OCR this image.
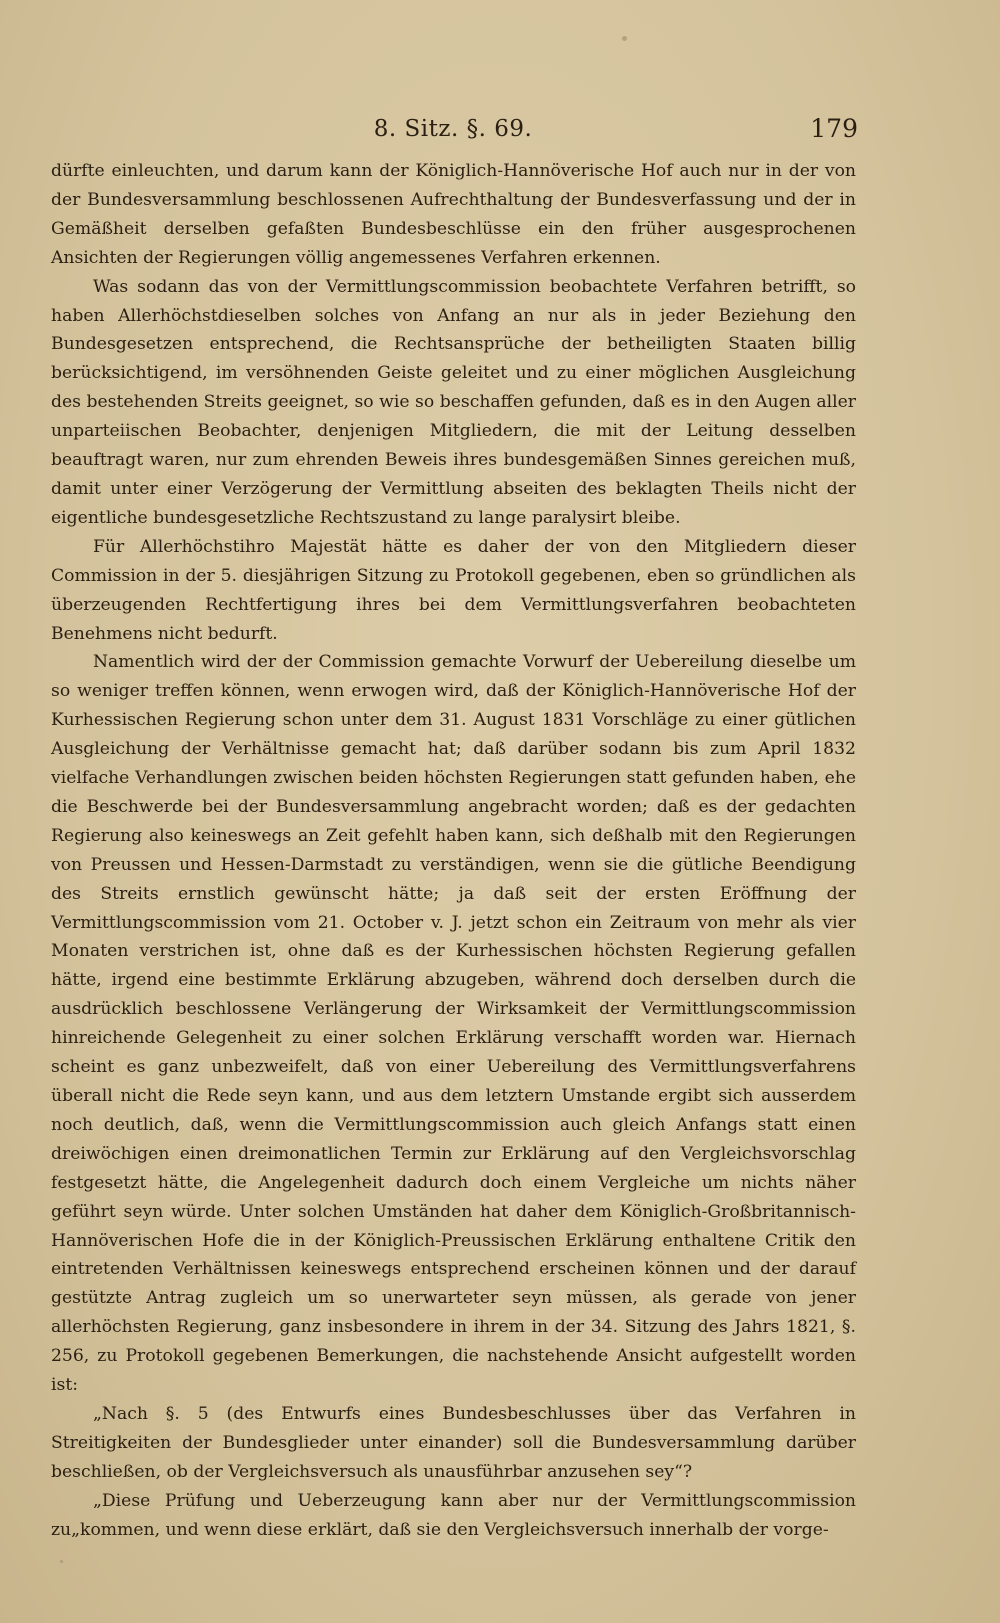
8. Sitz. §. 69.	179

dürfte einleuchten, und darum kann der Königlich-Hannöverische Hof auch nur in der von der Bundesversammlung beschlossenen Aufrechthaltung der Bundesverfassung und der in Gemäßheit derselben gefaßten Bundesbeschlüsse ein den früher ausgesprochenen Ansichten der Regierungen völlig angemessenes Verfahren erkennen.

Was sodann das von der Vermittlungscommission beobachtete Verfahren betrifft, so haben Allerhöchstdieselben solches von Anfang an nur als in jeder Beziehung den Bundesgesetzen entsprechend, die Rechtsansprüche der betheiligten Staaten billig berücksichtigend, im versöhnenden Geiste geleitet und zu einer möglichen Ausgleichung des bestehenden Streits geeignet, so wie so beschaffen gefunden, daß es in den Augen aller unparteiischen Beobachter, denjenigen Mitgliedern, die mit der Leitung desselben beauftragt waren, nur zum ehrenden Beweis ihres bundesgemäßen Sinnes gereichen muß, damit unter einer Verzögerung der Vermittlung abseiten des beklagten Theils nicht der eigentliche bundesgesetzliche Rechtszustand zu lange paralysirt bleibe.

Für Allerhöchstihro Majestät hätte es daher der von den Mitgliedern dieser Commission in der 5. diesjährigen Sitzung zu Protokoll gegebenen, eben so gründlichen als überzeugenden Rechtfertigung ihres bei dem Vermittlungsverfahren beobachteten Benehmens nicht bedurft.

Namentlich wird der der Commission gemachte Vorwurf der Uebereilung dieselbe um so weniger treffen können, wenn erwogen wird, daß der Königlich-Hannöverische Hof der Kurhessischen Regierung schon unter dem 31. August 1831 Vorschläge zu einer gütlichen Ausgleichung der Verhältnisse gemacht hat; daß darüber sodann bis zum April 1832 vielfache Verhandlungen zwischen beiden höchsten Regierungen statt gefunden haben, ehe die Beschwerde bei der Bundesversammlung angebracht worden; daß es der gedachten Regierung also keineswegs an Zeit gefehlt haben kann, sich deßhalb mit den Regierungen von Preussen und Hessen-Darmstadt zu verständigen, wenn sie die gütliche Beendigung des Streits ernstlich gewünscht hätte; ja daß seit der ersten Eröffnung der Vermittlungscommission vom 21. October v. J. jetzt schon ein Zeitraum von mehr als vier Monaten verstrichen ist, ohne daß es der Kurhessischen höchsten Regierung gefallen hätte, irgend eine bestimmte Erklärung abzugeben, während doch derselben durch die ausdrücklich beschlossene Verlängerung der Wirksamkeit der Vermittlungscommission hinreichende Gelegenheit zu einer solchen Erklärung verschafft worden war. Hiernach scheint es ganz unbezweifelt, daß von einer Uebereilung des Vermittlungsverfahrens überall nicht die Rede seyn kann, und aus dem letztern Umstande ergibt sich ausserdem noch deutlich, daß, wenn die Vermittlungscommission auch gleich Anfangs statt einen dreiwöchigen einen dreimonatlichen Termin zur Erklärung auf den Vergleichsvorschlag festgesetzt hätte, die Angelegenheit dadurch doch einem Vergleiche um nichts näher geführt seyn würde. Unter solchen Umständen hat daher dem Königlich-Großbritannisch-Hannöverischen Hofe die in der Königlich-Preussischen Erklärung enthaltene Critik den eintretenden Verhältnissen keineswegs entsprechend erscheinen können und der darauf gestützte Antrag zugleich um so unerwarteter seyn müssen, als gerade von jener allerhöchsten Regierung, ganz insbesondere in ihrem in der 34. Sitzung des Jahrs 1821, §. 256, zu Protokoll gegebenen Bemerkungen, die nachstehende Ansicht aufgestellt worden ist:

„Nach §. 5 (des Entwurfs eines Bundesbeschlusses über das Verfahren in Streitigkeiten der Bundesglieder unter einander) soll die Bundesversammlung darüber beschließen, ob der Vergleichsversuch als unausführbar anzusehen sey“?

„Diese Prüfung und Ueberzeugung kann aber nur der Vermittlungscommission zu„kommen, und wenn diese erklärt, daß sie den Vergleichsversuch innerhalb der vorge-
